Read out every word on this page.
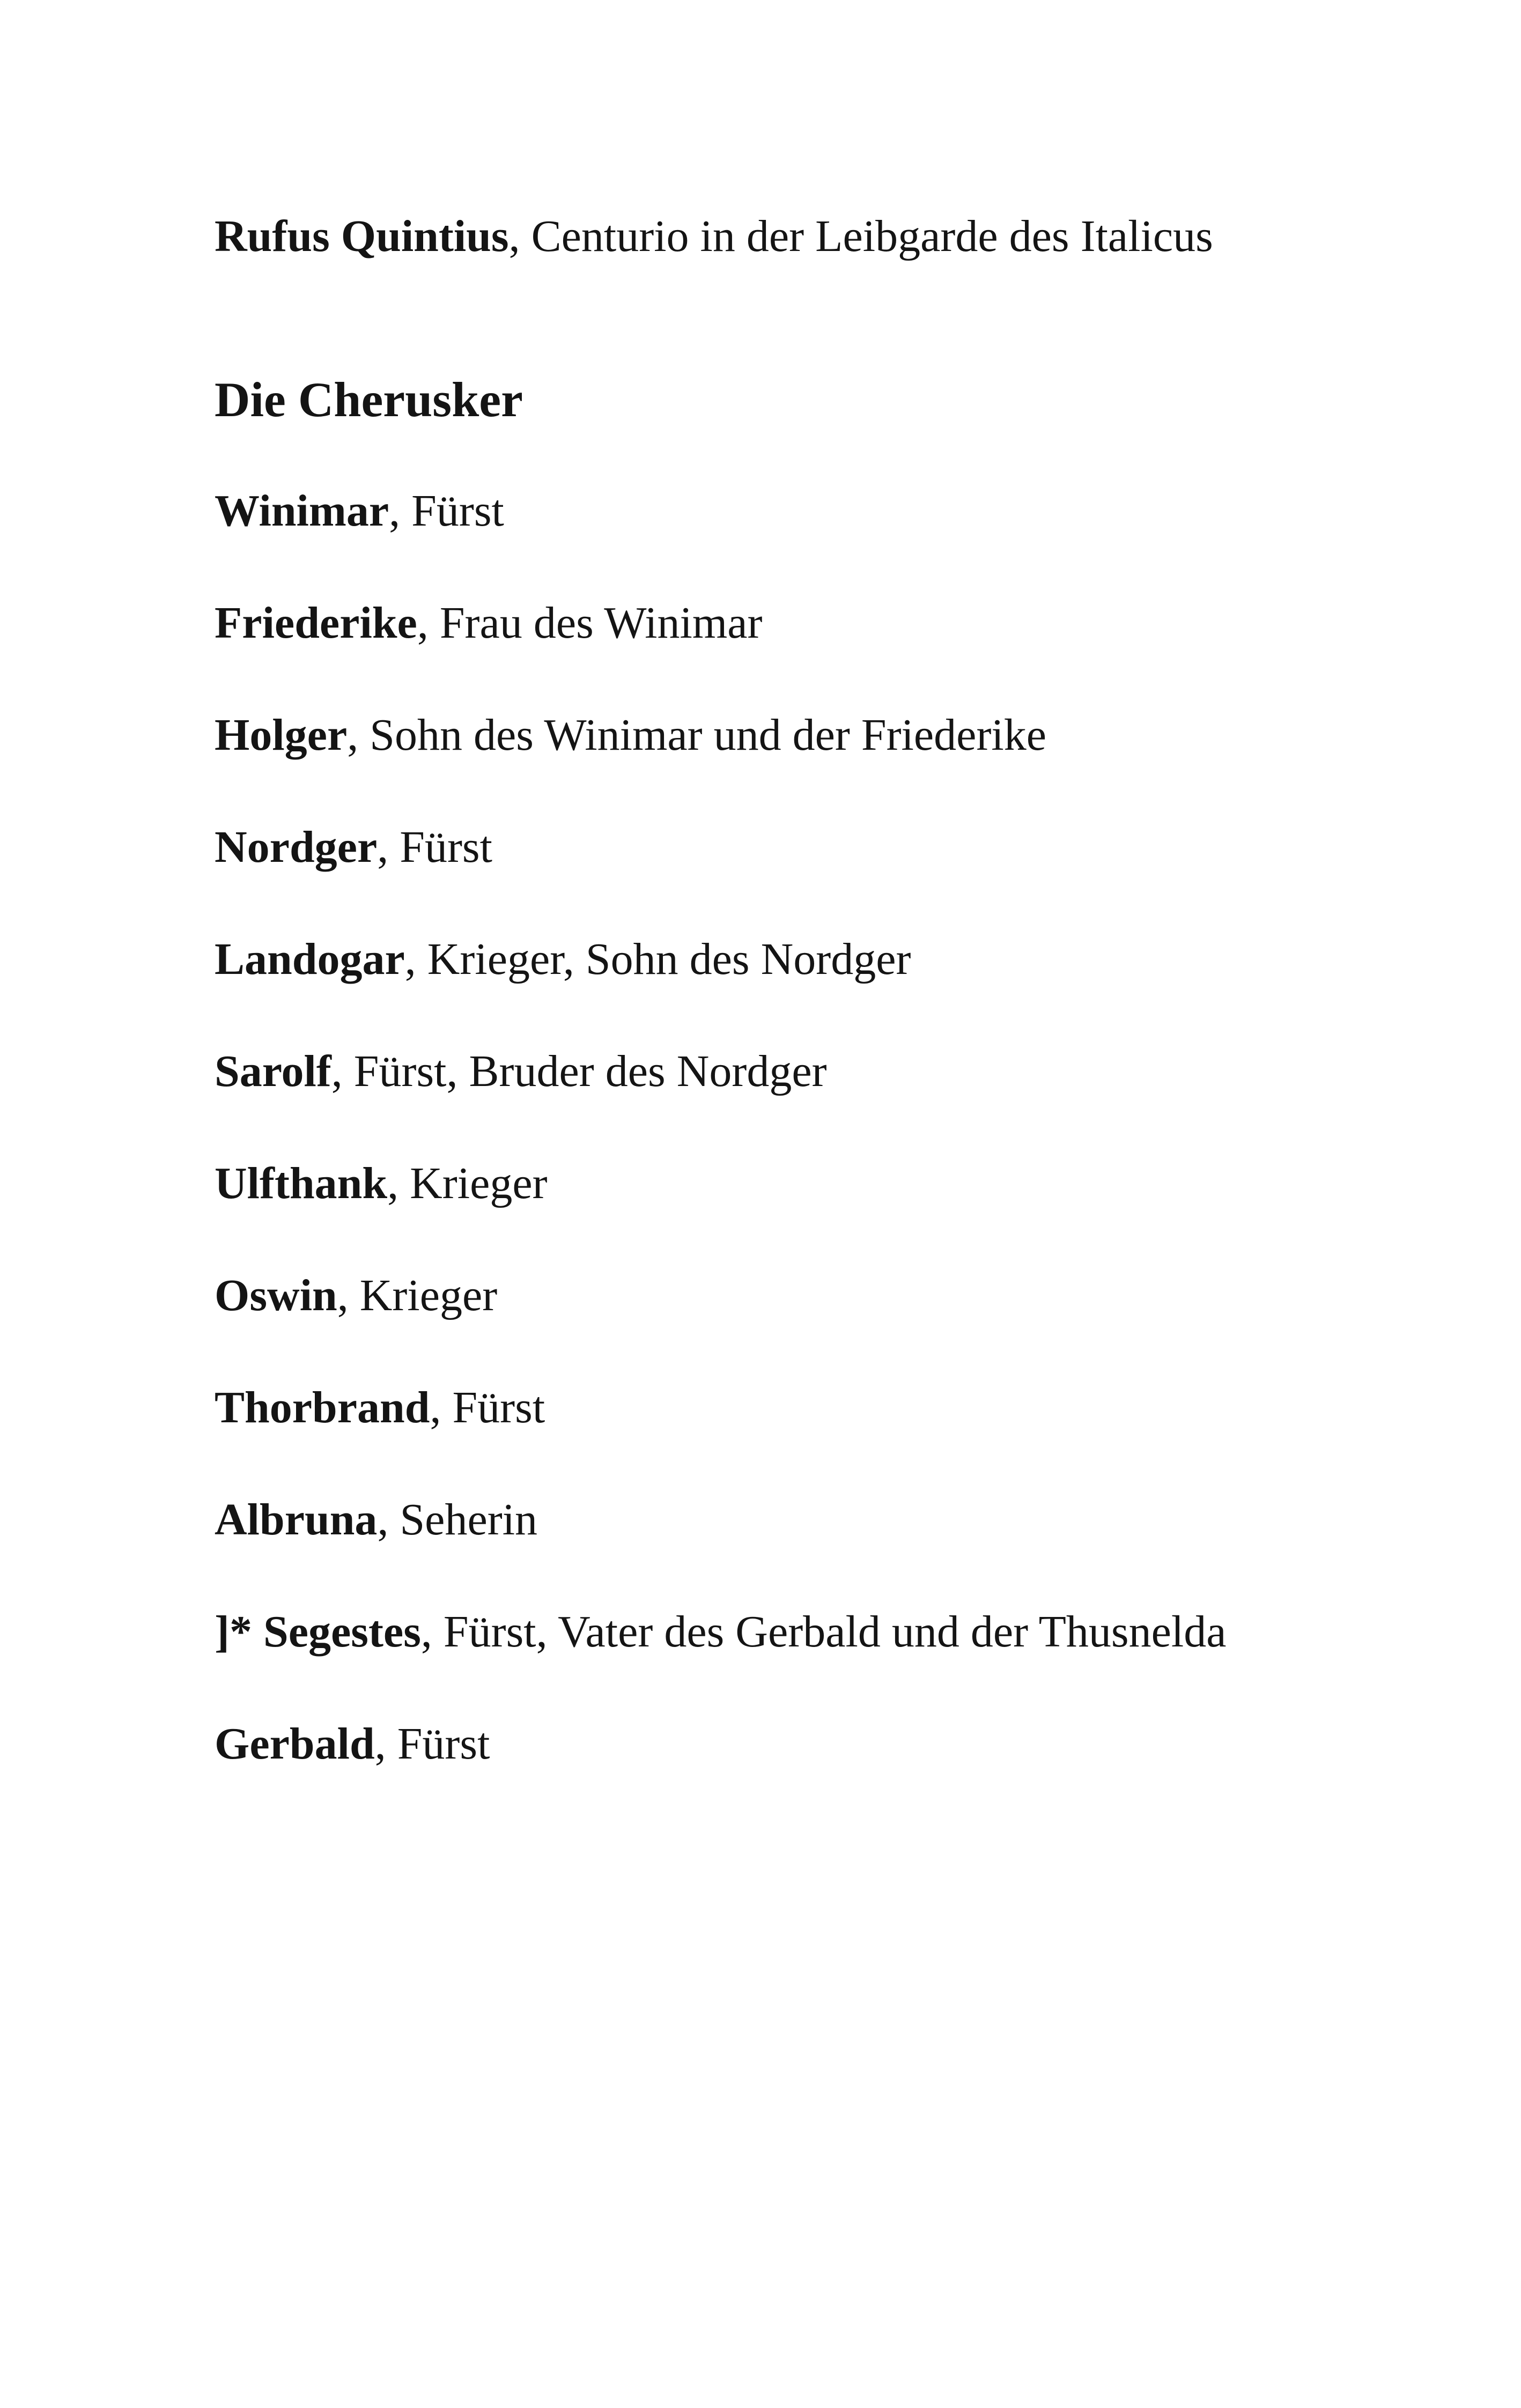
Rufus Quintius, Centurio in der Leibgarde des Italicus

Die Cherusker

Winimar, Fürst

Friederike, Frau des Winimar

Holger, Sohn des Winimar und der Friederike

Nordger, Fürst

Landogar, Krieger, Sohn des Nordger

Sarolf, Fürst, Bruder des Nordger

Ulfthank, Krieger

Oswin, Krieger

Thorbrand, Fürst

Albruna, Seherin

]* Segestes, Fürst, Vater des Gerbald und der Thusnelda

Gerbald, Fürst
